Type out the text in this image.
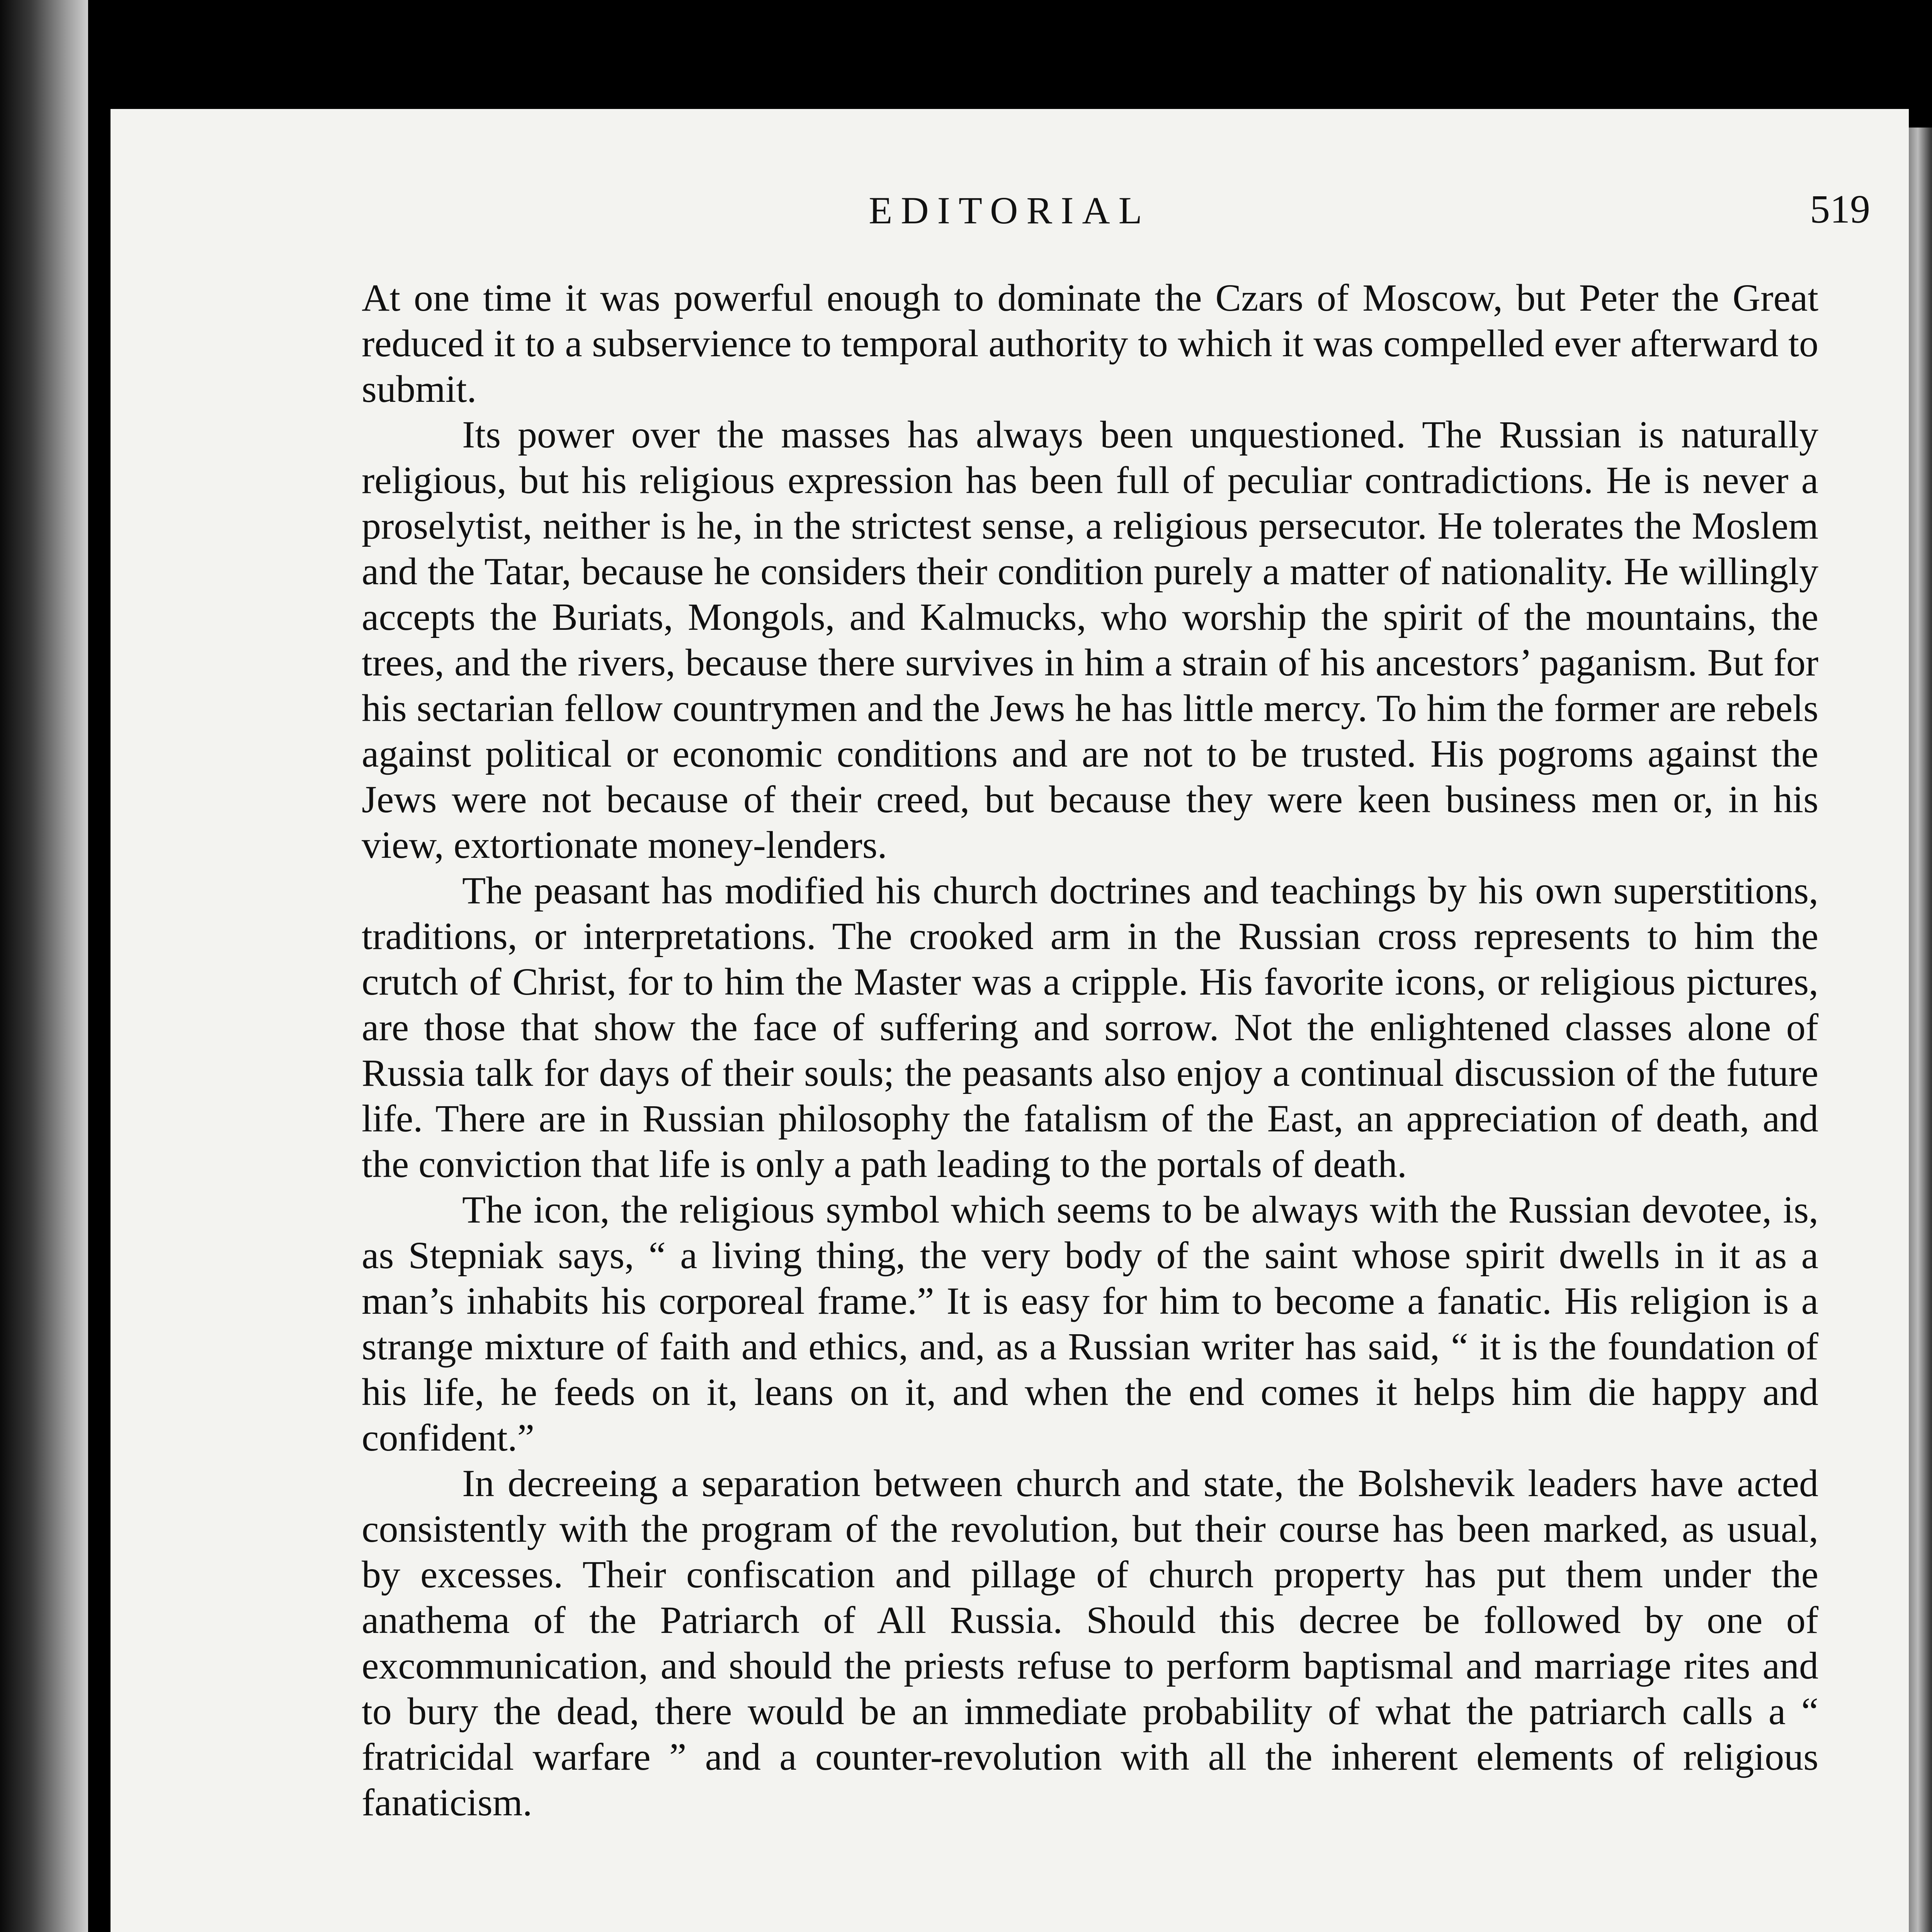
EDITORIAL	519

At one time it was powerful enough to dominate the Czars of Moscow, but Peter the Great reduced it to a subservience to temporal authority to which it was compelled ever afterward to submit.

Its power over the masses has always been unquestioned. The Russian is naturally religious, but his religious expression has been full of peculiar contradictions. He is never a proselytist, neither is he, in the strictest sense, a religious persecutor. He tolerates the Moslem and the Tatar, because he considers their condition purely a matter of nationality. He willingly accepts the Buriats, Mongols, and Kalmucks, who worship the spirit of the mountains, the trees, and the rivers, because there survives in him a strain of his ancestors’ paganism. But for his sectarian fellow countrymen and the Jews he has little mercy. To him the former are rebels against political or economic conditions and are not to be trusted. His pogroms against the Jews were not because of their creed, but because they were keen business men or, in his view, extortionate money-lenders.

The peasant has modified his church doctrines and teachings by his own superstitions, traditions, or interpretations. The crooked arm in the Russian cross represents to him the crutch of Christ, for to him the Master was a cripple. His favorite icons, or religious pictures, are those that show the face of suffering and sorrow. Not the enlightened classes alone of Russia talk for days of their souls; the peasants also enjoy a continual discussion of the future life. There are in Russian philosophy the fatalism of the East, an appreciation of death, and the conviction that life is only a path leading to the portals of death.

The icon, the religious symbol which seems to be always with the Russian devotee, is, as Stepniak says, “ a living thing, the very body of the saint whose spirit dwells in it as a man’s inhabits his corporeal frame.” It is easy for him to become a fanatic. His religion is a strange mixture of faith and ethics, and, as a Russian writer has said, “ it is the foundation of his life, he feeds on it, leans on it, and when the end comes it helps him die happy and confident.”

In decreeing a separation between church and state, the Bolshevik leaders have acted consistently with the program of the revolution, but their course has been marked, as usual, by excesses. Their confiscation and pillage of church property has put them under the anathema of the Patriarch of All Russia. Should this decree be followed by one of excommunication, and should the priests refuse to perform baptismal and marriage rites and to bury the dead, there would be an immediate probability of what the patriarch calls a “ fratricidal warfare ” and a counter-revolution with all the inherent elements of religious fanaticism.
